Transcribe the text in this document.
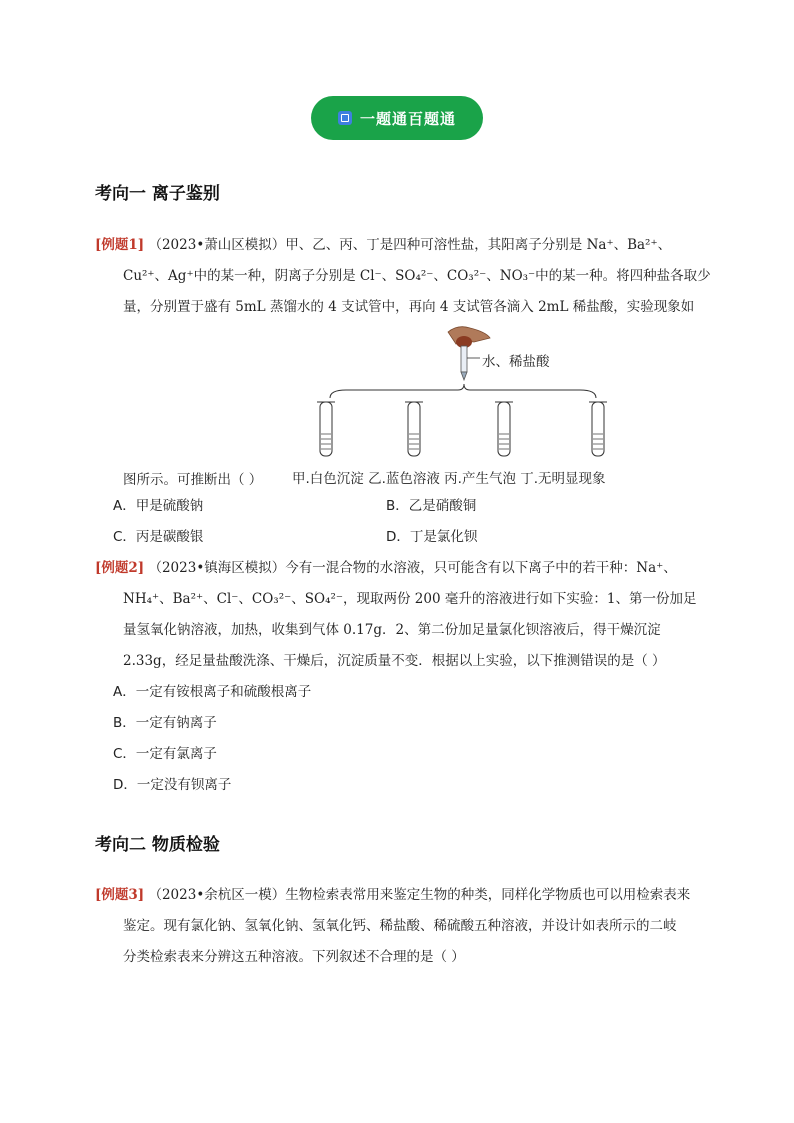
一题通百题通
考向一 离子鉴别
[例题1] （2023•萧山区模拟）甲、乙、丙、丁是四种可溶性盐，其阳离子分别是 Na⁺、Ba²⁺、
Cu²⁺、Ag⁺中的某一种，阴离子分别是 Cl⁻、SO₄²⁻、CO₃²⁻、NO₃⁻中的某一种。将四种盐各取少
量，分别置于盛有 5mL 蒸馏水的 4 支试管中，再向 4 支试管各滴入 2mL 稀盐酸，实验现象如
水、稀盐酸
甲.白色沉淀 乙.蓝色溶液 丙.产生气泡 丁.无明显现象
图所示。可推断出（ ）
A．甲是硫酸钠	B．乙是硝酸铜
C．丙是碳酸银	D．丁是氯化钡
[例题2] （2023•镇海区模拟）今有一混合物的水溶液，只可能含有以下离子中的若干种：Na⁺、
NH₄⁺、Ba²⁺、Cl⁻、CO₃²⁻、SO₄²⁻，现取两份 200 毫升的溶液进行如下实验：1、第一份加足
量氢氧化钠溶液，加热，收集到气体 0.17g．2、第二份加足量氯化钡溶液后，得干燥沉淀
2.33g，经足量盐酸洗涤、干燥后，沉淀质量不变．根据以上实验，以下推测错误的是（ ）
A．一定有铵根离子和硫酸根离子
B．一定有钠离子
C．一定有氯离子
D．一定没有钡离子
考向二 物质检验
[例题3] （2023•余杭区一模）生物检索表常用来鉴定生物的种类，同样化学物质也可以用检索表来
鉴定。现有氯化钠、氢氧化钠、氢氧化钙、稀盐酸、稀硫酸五种溶液，并设计如表所示的二岐
分类检索表来分辨这五种溶液。下列叙述不合理的是（ ）
